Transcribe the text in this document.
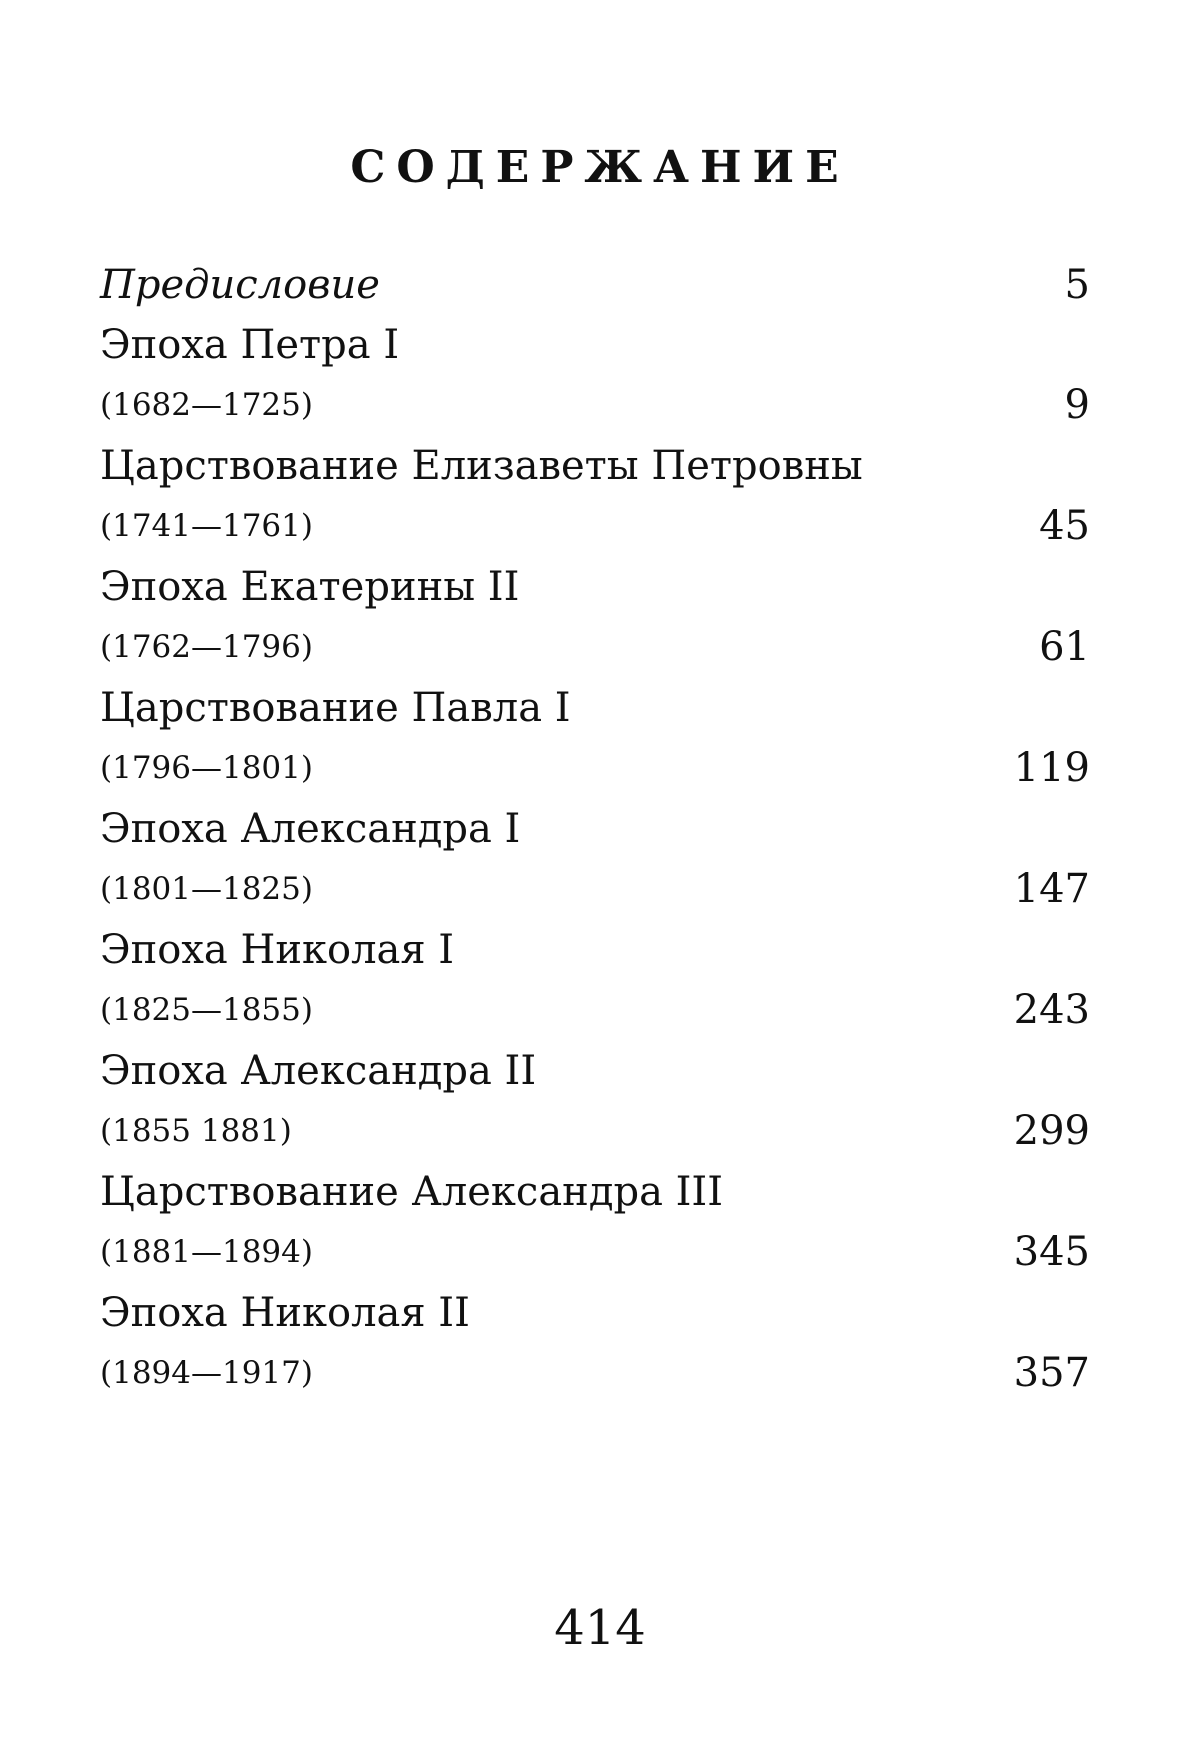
СОДЕРЖАНИЕ
Предисловие	5
Эпоха Петра I
(1682—1725)	9
Царствование Елизаветы Петровны
(1741—1761)	45
Эпоха Екатерины II
(1762—1796)	61
Царствование Павла I
(1796—1801)	119
Эпоха Александра I
(1801—1825)	147
Эпоха Николая I
(1825—1855)	243
Эпоха Александра II
(1855 1881)	299
Царствование Александра III
(1881—1894)	345
Эпоха Николая II
(1894—1917)	357
414
